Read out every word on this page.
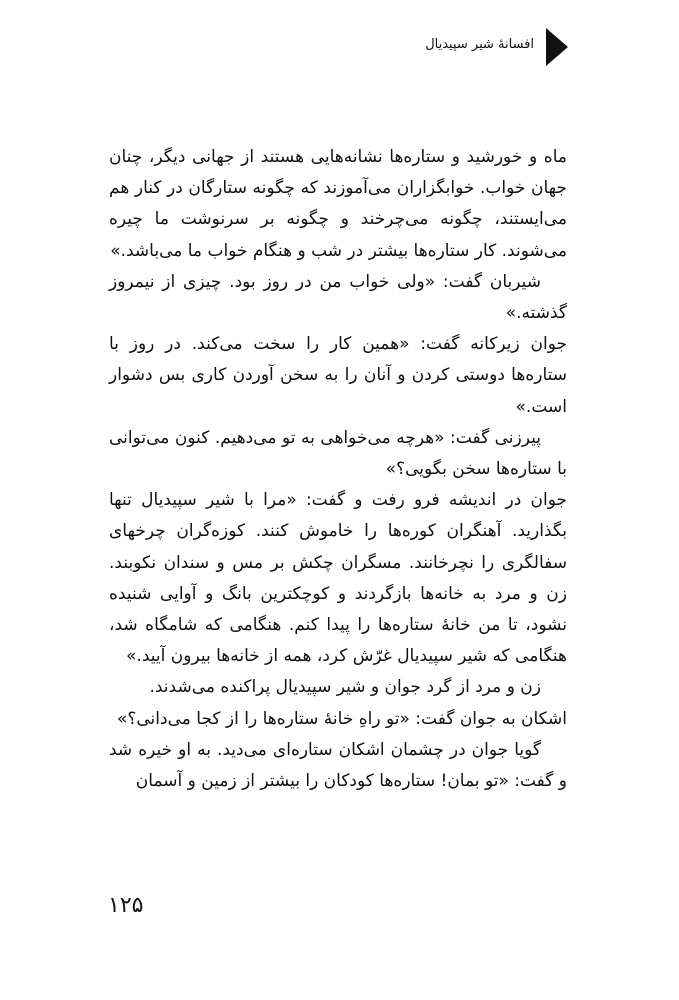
افسانهٔ شیر سپیدیال

ماه و خورشید و ستاره‌ها نشانه‌هایی هستند از جهانی دیگر، چنان جهان خواب. خوابگزاران می‌آموزند که چگونه ستارگان در کنار هم می‌ایستند، چگونه می‌چرخند و چگونه بر سرنوشت ما چیره می‌شوند. کار ستاره‌ها بیشتر در شب و هنگام خواب ما می‌باشد.»

شیربان گفت: «ولی خواب من در روز بود. چیزی از نیمروز گذشته.»

جوان زیرکانه گفت: «همین کار را سخت می‌کند. در روز با ستاره‌ها دوستی کردن و آنان را به سخن آوردن کاری بس دشوار است.»

پیرزنی گفت: «هرچه می‌خواهی به تو می‌دهیم. کنون می‌توانی با ستاره‌ها سخن بگویی؟»

جوان در اندیشه فرو رفت و گفت: «مرا با شیر سپیدیال تنها بگذارید. آهنگران کوره‌ها را خاموش کنند. کوزه‌گران چرخهای سفالگری را نچرخانند. مسگران چکش بر مس و سندان نکوبند. زن و مرد به خانه‌ها بازگردند و کوچکترین بانگ و آوایی شنیده نشود، تا من خانهٔ ستاره‌ها را پیدا کنم. هنگامی که شامگاه شد، هنگامی که شیر سپیدیال غرّش کرد، همه از خانه‌ها بیرون آیید.»

زن و مرد از گرد جوان و شیر سپیدیال پراکنده می‌شدند.

اشکان به جوان گفت: «تو راهِ خانهٔ ستاره‌ها را از کجا می‌دانی؟»

گویا جوان در چشمان اشکان ستاره‌ای می‌دید. به او خیره شد و گفت: «تو بمان! ستاره‌ها کودکان را بیشتر از زمین و آسمان

۱۲۵
